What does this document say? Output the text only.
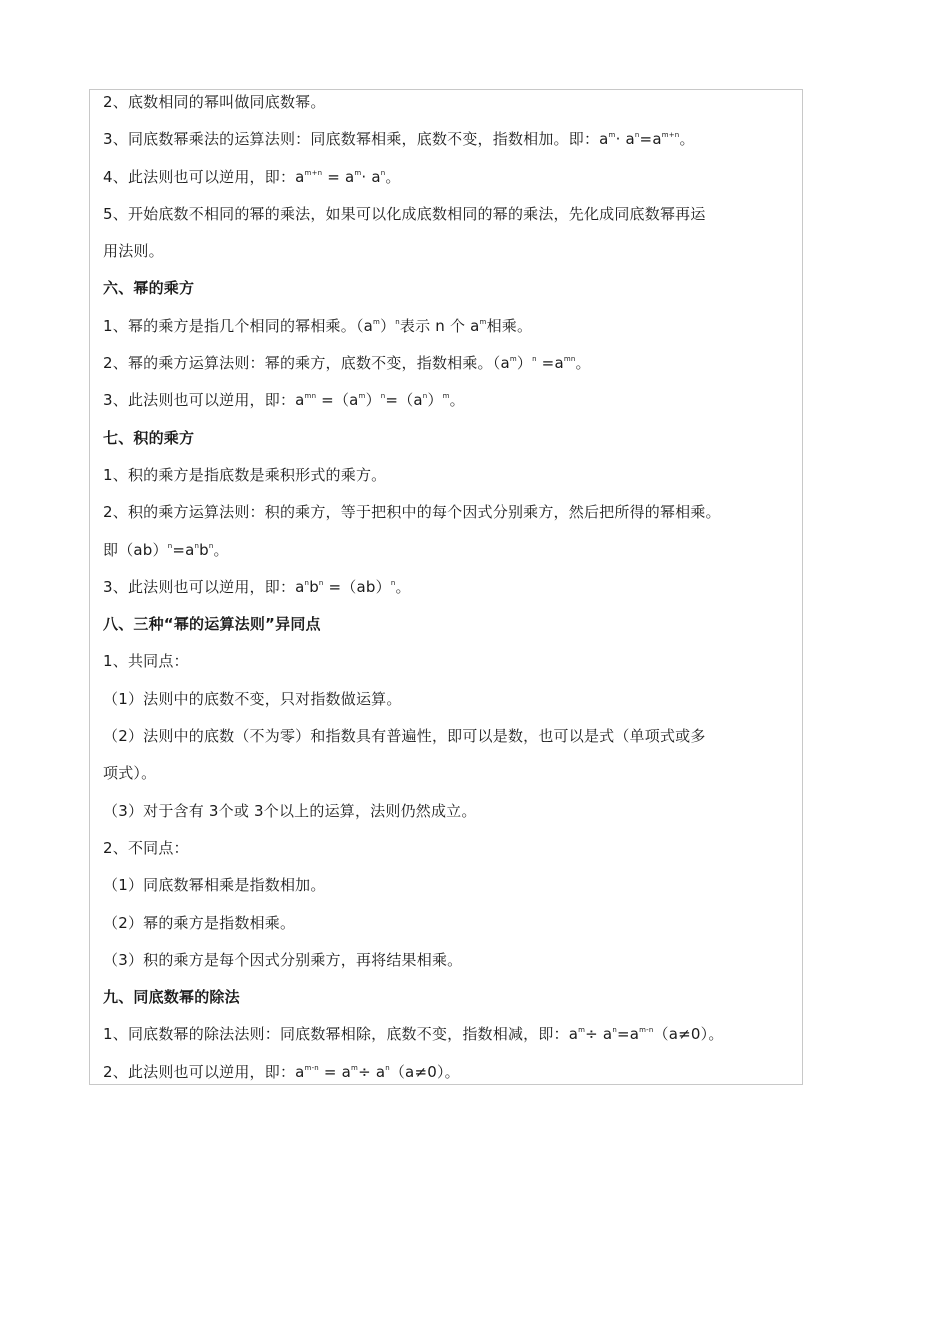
2、底数相同的幂叫做同底数幂。
3、同底数幂乘法的运算法则：同底数幂相乘，底数不变，指数相加。即：$a^m\cdot a^n=a^{m+n}$。
4、此法则也可以逆用，即：$a^{m+n} = a^m\cdot a^n$。
5、开始底数不相同的幂的乘法，如果可以化成底数相同的幂的乘法，先化成同底数幂再运
用法则。
六、幂的乘方
1、幂的乘方是指几个相同的幂相乘。$(a^m)^n$表示 n 个 $a^m$相乘。
2、幂的乘方运算法则：幂的乘方，底数不变，指数相乘。$(a^m)^n =a^{mn}$。
3、此法则也可以逆用，即：$a^{mn} =(a^m)^n=(a^n)^m$。
七、积的乘方
1、积的乘方是指底数是乘积形式的乘方。
2、积的乘方运算法则：积的乘方，等于把积中的每个因式分别乘方，然后把所得的幂相乘。
即$(ab)^n=a^nb^n$。
3、此法则也可以逆用，即：$a^nb^n =(ab)^n$。
八、三种“幂的运算法则”异同点
1、共同点：
（1）法则中的底数不变，只对指数做运算。
（2）法则中的底数（不为零）和指数具有普遍性，即可以是数，也可以是式（单项式或多
项式）。
（3）对于含有 3个或 3个以上的运算，法则仍然成立。
2、不同点：
（1）同底数幂相乘是指数相加。
（2）幂的乘方是指数相乘。
（3）积的乘方是每个因式分别乘方，再将结果相乘。
九、同底数幂的除法
1、同底数幂的除法法则：同底数幂相除，底数不变，指数相减，即：$a^m\div a^n=a^{m-n}(a\ne 0)$。
2、此法则也可以逆用，即：$a^{m-n} = a^m\div a^n(a\ne 0)$。
